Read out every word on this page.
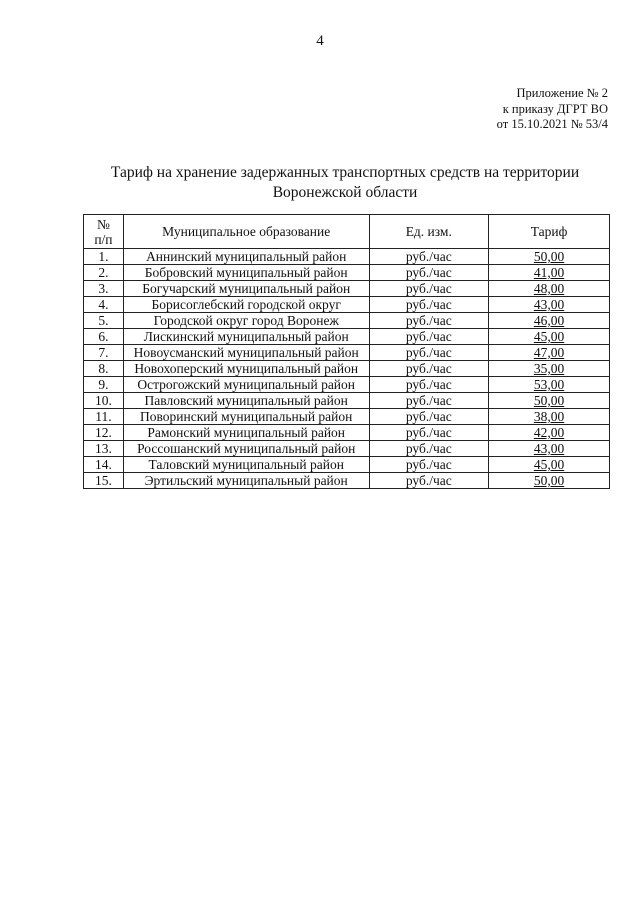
4
Приложение № 2
к приказу ДГРТ ВО
от 15.10.2021 № 53/4
Тариф на хранение задержанных транспортных средств на территории
Воронежской области
№
п/п	Муниципальное образование	Ед. изм.	Тариф
1.	Аннинский муниципальный район	руб./час	50,00
2.	Бобровский муниципальный район	руб./час	41,00
3.	Богучарский муниципальный район	руб./час	48,00
4.	Борисоглебский городской округ	руб./час	43,00
5.	Городской округ город Воронеж	руб./час	46,00
6.	Лискинский муниципальный район	руб./час	45,00
7.	Новоусманский муниципальный район	руб./час	47,00
8.	Новохоперский муниципальный район	руб./час	35,00
9.	Острогожский муниципальный район	руб./час	53,00
10.	Павловский муниципальный район	руб./час	50,00
11.	Поворинский муниципальный район	руб./час	38,00
12.	Рамонский муниципальный район	руб./час	42,00
13.	Россошанский муниципальный район	руб./час	43,00
14.	Таловский муниципальный район	руб./час	45,00
15.	Эртильский муниципальный район	руб./час	50,00
